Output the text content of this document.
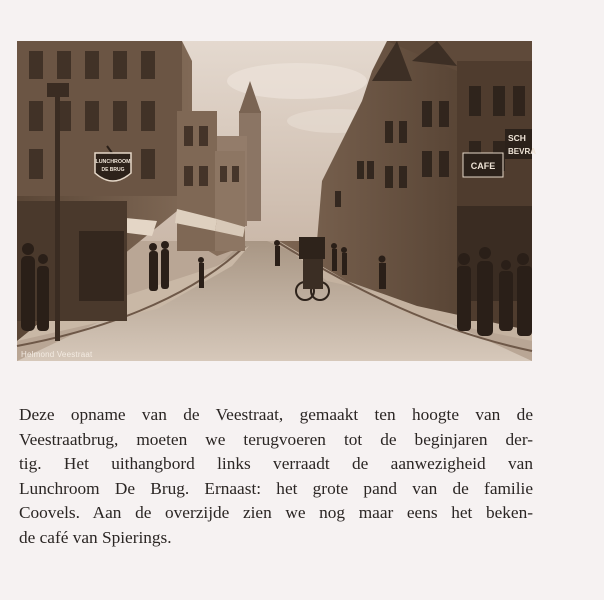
LUNCHROOM
DE BRUG	CAFE
SCH
BEVRA
Helmond Veestraat
Deze opname van de Veestraat, gemaakt ten hoogte van de
Veestraatbrug, moeten we terugvoeren tot de beginjaren der-
tig. Het uithangbord links verraadt de aanwezigheid van
Lunchroom De Brug. Ernaast: het grote pand van de familie
Coovels. Aan de overzijde zien we nog maar eens het beken-
de café van Spierings.
